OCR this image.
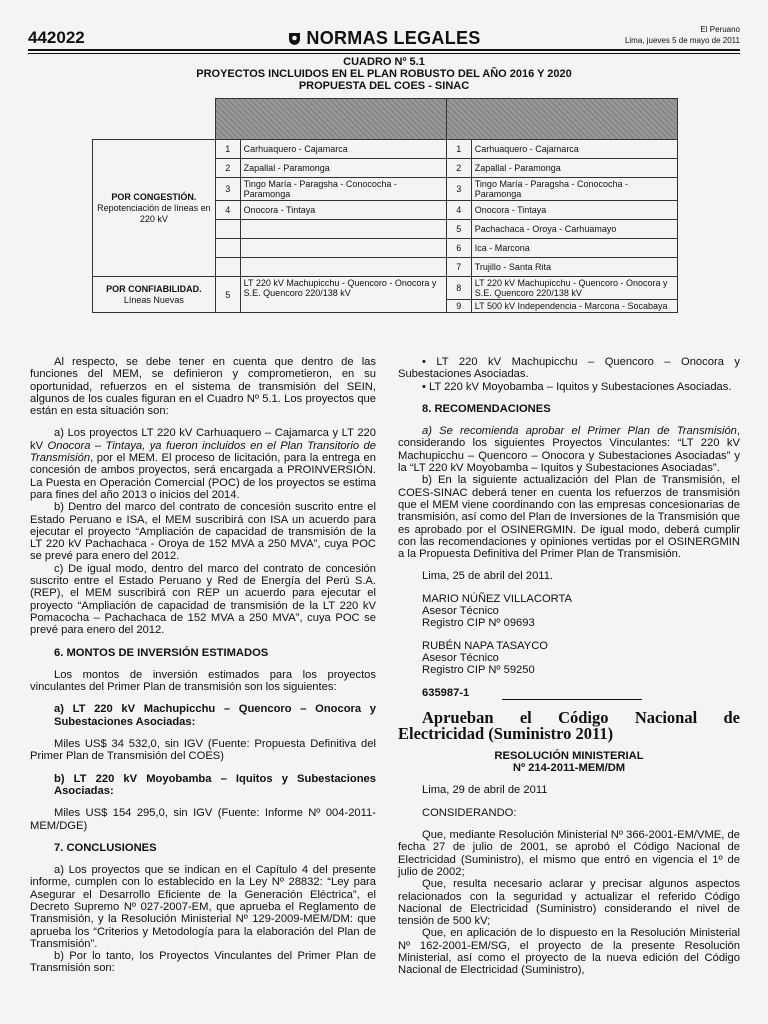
442022	NORMAS LEGALES	El Peruano
Lima, jueves 5 de mayo de 2011
CUADRO Nº 5.1
PROYECTOS INCLUIDOS EN EL PLAN ROBUSTO DEL AÑO 2016 Y 2020
PROPUESTA DEL COES - SINAC

POR CONGESTIÓN.
Repotenciación de líneas en 220 kV	1	Carhuaquero - Cajamarca	1	Carhuaquero - Cajamarca
	2	Zapallal - Paramonga	2	Zapallal - Paramonga
	3	Tingo María - Paragsha - Conococha - Paramonga	3	Tingo María - Paragsha - Conococha - Paramonga
	4	Onocora - Tintaya	4	Onocora - Tintaya
			5	Pachachaca - Oroya - Carhuamayo
			6	Ica - Marcona
			7	Trujillo - Santa Rita

POR CONFIABILIDAD.
Líneas Nuevas	5	LT 220 kV Machupicchu - Quencoro - Onocora y S.E. Quencoro 220/138 kV	8	LT 220 kV Machupicchu - Quencoro - Onocora y S.E. Quencoro 220/138 kV
			9	LT 500 kV Independencia - Marcona - Socabaya

Al respecto, se debe tener en cuenta que dentro de las funciones del MEM, se definieron y comprometieron, en su oportunidad, refuerzos en el sistema de transmisión del SEIN, algunos de los cuales figuran en el Cuadro Nº 5.1. Los proyectos que están en esta situación son:

a) Los proyectos LT 220 kV Carhuaquero – Cajamarca y LT 220 kV Onocora – Tintaya, ya fueron incluidos en el Plan Transitorio de Transmisión, por el MEM. El proceso de licitación, para la entrega en concesión de ambos proyectos, será encargada a PROINVERSIÓN. La Puesta en Operación Comercial (POC) de los proyectos se estima para fines del año 2013 o inicios del 2014.

b) Dentro del marco del contrato de concesión suscrito entre el Estado Peruano e ISA, el MEM suscribirá con ISA un acuerdo para ejecutar el proyecto “Ampliación de capacidad de transmisión de la LT 220 kV Pachachaca - Oroya de 152 MVA a 250 MVA”, cuya POC se prevé para enero del 2012.

c) De igual modo, dentro del marco del contrato de concesión suscrito entre el Estado Peruano y Red de Energía del Perú S.A. (REP), el MEM suscribirá con REP un acuerdo para ejecutar el proyecto “Ampliación de capacidad de transmisión de la LT 220 kV Pomacocha – Pachachaca de 152 MVA a 250 MVA”, cuya POC se prevé para enero del 2012.

6. MONTOS DE INVERSIÓN ESTIMADOS

Los montos de inversión estimados para los proyectos vinculantes del Primer Plan de transmisión son los siguientes:

a) LT 220 kV Machupicchu – Quencoro – Onocora y Subestaciones Asociadas:

Miles US$ 34 532,0, sin IGV (Fuente: Propuesta Definitiva del Primer Plan de Transmisión del COES)

b) LT 220 kV Moyobamba – Iquitos y Subestaciones Asociadas:

Miles US$ 154 295,0, sin IGV (Fuente: Informe Nº 004-2011-MEM/DGE)

7. CONCLUSIONES

a) Los proyectos que se indican en el Capítulo 4 del presente informe, cumplen con lo establecido en la Ley Nº 28832: “Ley para Asegurar el Desarrollo Eficiente de la Generación Eléctrica”, el Decreto Supremo Nº 027-2007-EM, que aprueba el Reglamento de Transmisión, y la Resolución Ministerial Nº 129-2009-MEM/DM: que aprueba los “Criterios y Metodología para la elaboración del Plan de Transmisión”.

b) Por lo tanto, los Proyectos Vinculantes del Primer Plan de Transmisión son:

• LT 220 kV Machupicchu – Quencoro – Onocora y Subestaciones Asociadas.

• LT 220 kV Moyobamba – Iquitos y Subestaciones Asociadas.

8. RECOMENDACIONES

a) Se recomienda aprobar el Primer Plan de Transmisión, considerando los siguientes Proyectos Vinculantes: “LT 220 kV Machupicchu – Quencoro – Onocora y Subestaciones Asociadas” y la “LT 220 kV Moyobamba – Iquitos y Subestaciones Asociadas”.

b) En la siguiente actualización del Plan de Transmisión, el COES-SINAC deberá tener en cuenta los refuerzos de transmisión que el MEM viene coordinando con las empresas concesionarias de transmisión, así como del Plan de Inversiones de la Transmisión que es aprobado por el OSINERGMIN. De igual modo, deberá cumplir con las recomendaciones y opiniones vertidas por el OSINERGMIN a la Propuesta Definitiva del Primer Plan de Transmisión.

Lima, 25 de abril del 2011.

MARIO NÚÑEZ VILLACORTA

Asesor Técnico

Registro CIP Nº 09693

RUBÉN NAPA TASAYCO

Asesor Técnico

Registro CIP Nº 59250

635987-1

Aprueban el Código Nacional de Electricidad (Suministro 2011)

RESOLUCIÓN MINISTERIAL

Nº 214-2011-MEM/DM

Lima, 29 de abril de 2011

CONSIDERANDO:

Que, mediante Resolución Ministerial Nº 366-2001-EM/VME, de fecha 27 de julio de 2001, se aprobó el Código Nacional de Electricidad (Suministro), el mismo que entró en vigencia el 1º de julio de 2002;

Que, resulta necesario aclarar y precisar algunos aspectos relacionados con la seguridad y actualizar el referido Código Nacional de Electricidad (Suministro) considerando el nivel de tensión de 500 kV;

Que, en aplicación de lo dispuesto en la Resolución Ministerial Nº 162-2001-EM/SG, el proyecto de la presente Resolución Ministerial, así como el proyecto de la nueva edición del Código Nacional de Electricidad (Suministro),
